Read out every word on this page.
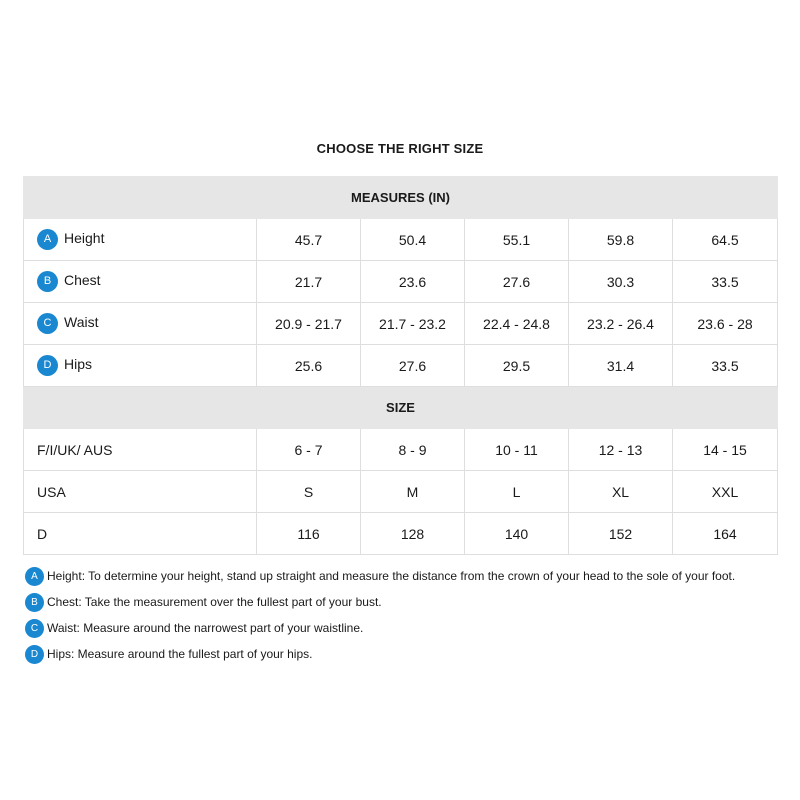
CHOOSE THE RIGHT SIZE
MEASURES (IN)					
A Height	45.7	50.4	55.1	59.8	64.5
B Chest	21.7	23.6	27.6	30.3	33.5
C Waist	20.9 - 21.7	21.7 - 23.2	22.4 - 24.8	23.2 - 26.4	23.6 - 28
D Hips	25.6	27.6	29.5	31.4	33.5
SIZE					
F/I/UK/ AUS	6 - 7	8 - 9	10 - 11	12 - 13	14 - 15
USA	S	M	L	XL	XXL
D	116	128	140	152	164
A Height: To determine your height, stand up straight and measure the distance from the crown of your head to the sole of your foot.
B Chest: Take the measurement over the fullest part of your bust.
C Waist: Measure around the narrowest part of your waistline.
D Hips: Measure around the fullest part of your hips.
